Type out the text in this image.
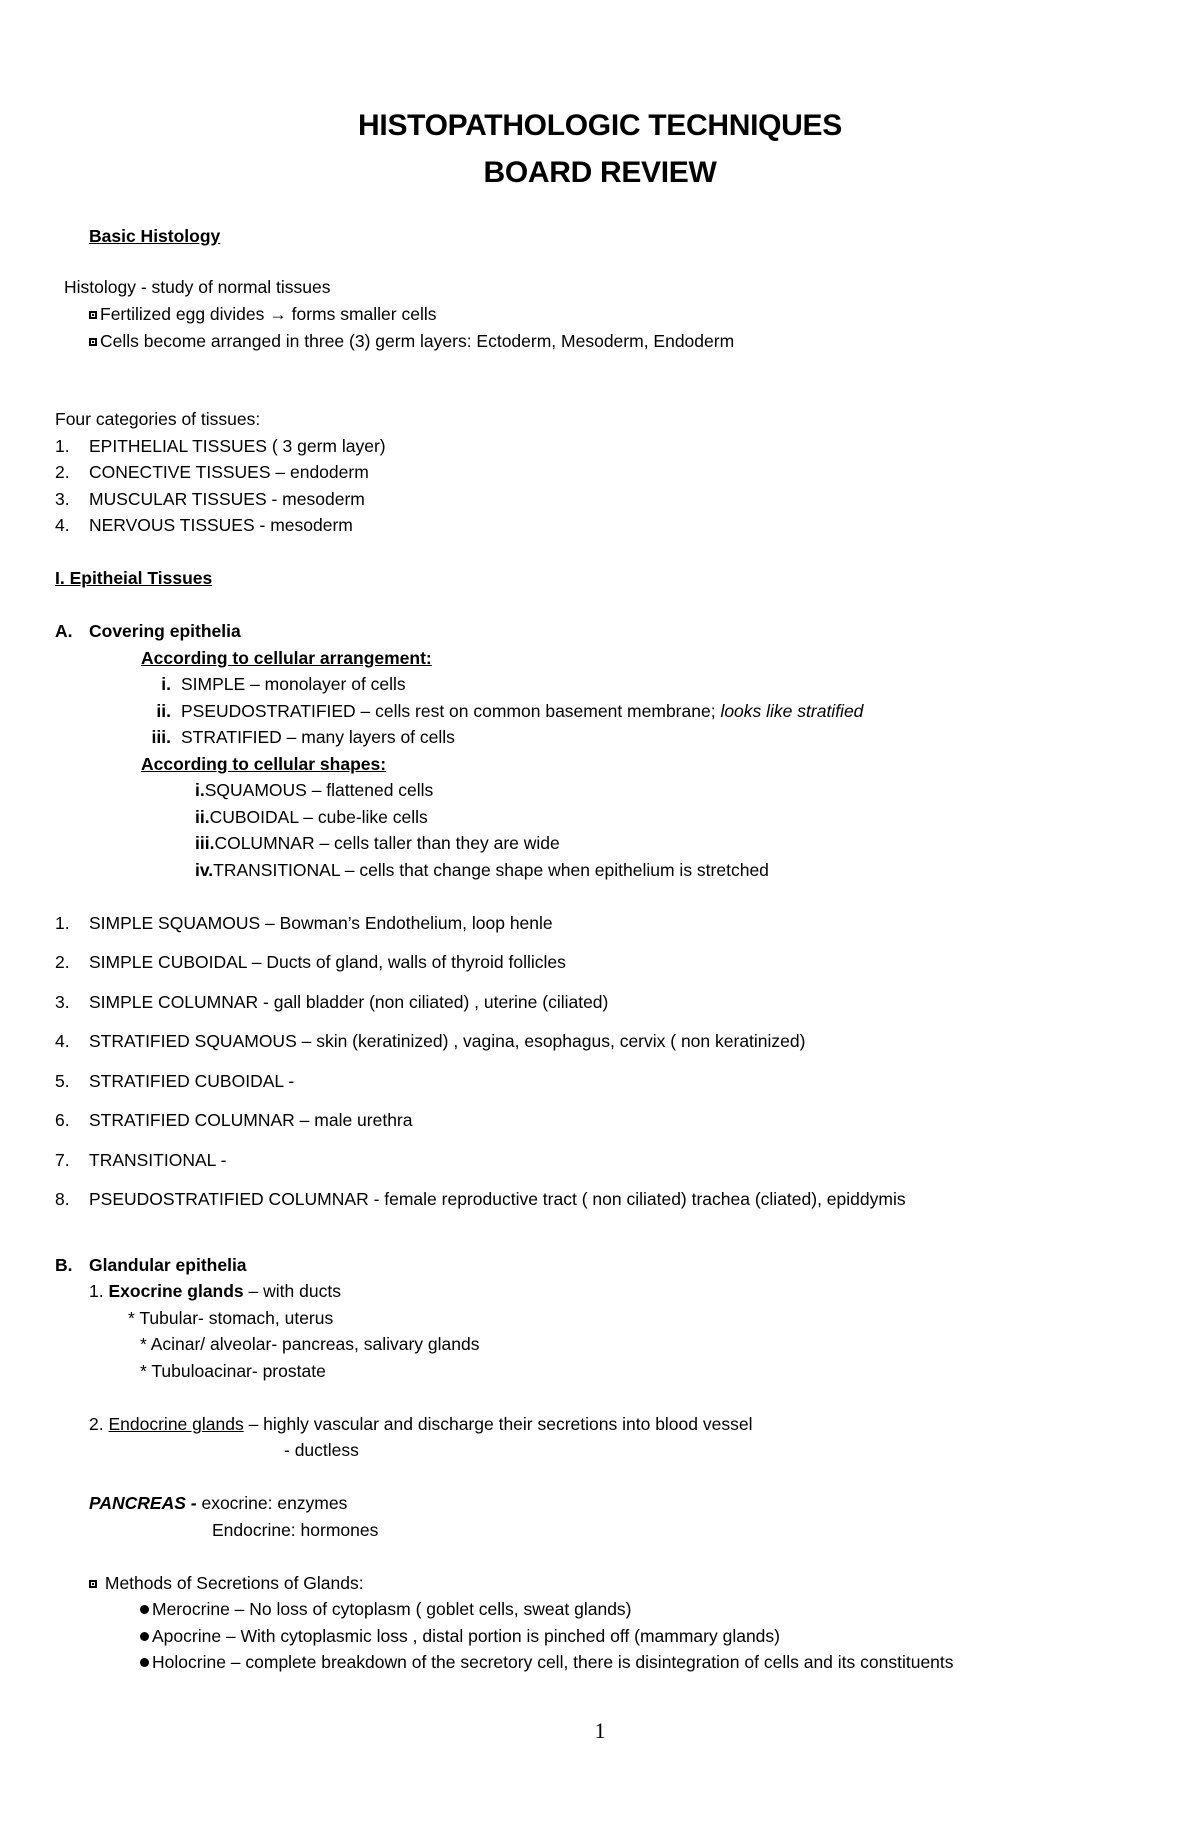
HISTOPATHOLOGIC TECHNIQUES
BOARD REVIEW
Basic Histology
Histology - study of normal tissues
Fertilized egg divides → forms smaller cells
Cells become arranged in three (3) germ layers: Ectoderm, Mesoderm, Endoderm
Four categories of tissues:
1. EPITHELIAL TISSUES ( 3 germ layer)
2. CONECTIVE TISSUES – endoderm
3. MUSCULAR TISSUES - mesoderm
4. NERVOUS TISSUES - mesoderm
I. Epitheial Tissues
A. Covering epithelia
According to cellular arrangement:
i. SIMPLE – monolayer of cells
ii. PSEUDOSTRATIFIED – cells rest on common basement membrane; looks like stratified
iii. STRATIFIED – many layers of cells
According to cellular shapes:
i.SQUAMOUS – flattened cells
ii.CUBOIDAL – cube-like cells
iii.COLUMNAR – cells taller than they are wide
iv.TRANSITIONAL – cells that change shape when epithelium is stretched
1. SIMPLE SQUAMOUS – Bowman’s Endothelium, loop henle
2. SIMPLE CUBOIDAL – Ducts of gland, walls of thyroid follicles
3. SIMPLE COLUMNAR - gall bladder (non ciliated) , uterine (ciliated)
4. STRATIFIED SQUAMOUS – skin (keratinized) , vagina, esophagus, cervix ( non keratinized)
5. STRATIFIED CUBOIDAL -
6. STRATIFIED COLUMNAR – male urethra
7. TRANSITIONAL -
8. PSEUDOSTRATIFIED COLUMNAR - female reproductive tract ( non ciliated) trachea (cliated), epiddymis
B. Glandular epithelia
1. Exocrine glands – with ducts
* Tubular- stomach, uterus
* Acinar/ alveolar- pancreas, salivary glands
* Tubuloacinar- prostate
2. Endocrine glands – highly vascular and discharge their secretions into blood vessel
- ductless
PANCREAS - exocrine: enzymes
Endocrine: hormones
Methods of Secretions of Glands:
Merocrine – No loss of cytoplasm ( goblet cells, sweat glands)
Apocrine – With cytoplasmic loss , distal portion is pinched off (mammary glands)
Holocrine – complete breakdown of the secretory cell, there is disintegration of cells and its constituents
1
